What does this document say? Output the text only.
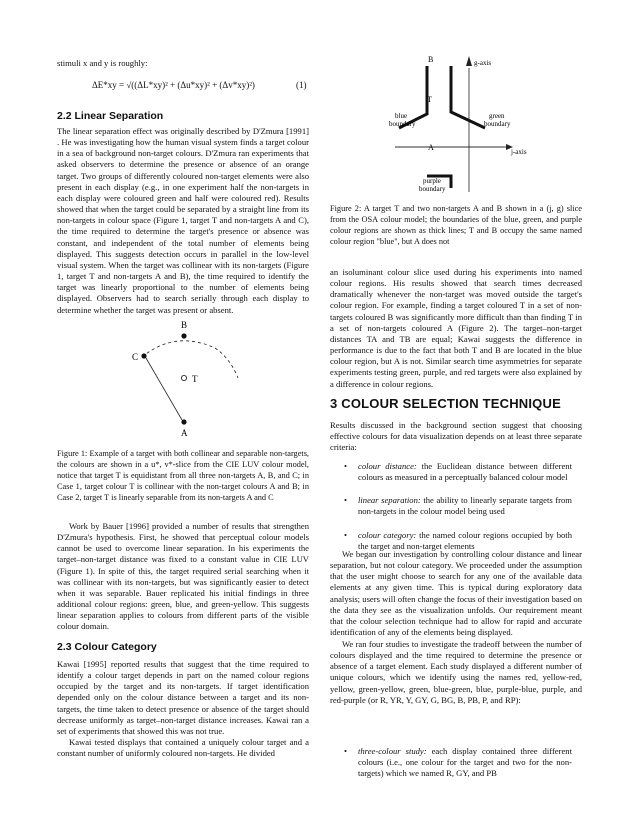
stimuli x and y is roughly:

ΔE*xy = √((ΔL*xy)² + (Δu*xy)² + (Δv*xy)²)	(1)
2.2 Linear Separation

The linear separation effect was originally described by D'Zmura [1991] . He was investigating how the human visual system finds a target colour in a sea of background non-target colours. D'Zmura ran experiments that asked observers to determine the presence or absence of an orange target. Two groups of differently coloured non-target elements were also present in each display (e.g., in one experiment half the non-targets in each display were coloured green and half were coloured red). Results showed that when the target could be separated by a straight line from its non-targets in colour space (Figure 1, target T and non-targets A and C), the time required to determine the target's presence or absence was constant, and independent of the total number of elements being displayed. This suggests detection occurs in parallel in the low-level visual system. When the target was collinear with its non-targets (Figure 1, target T and non-targets A and B), the time required to identify the target was linearly proportional to the number of elements being displayed. Observers had to search serially through each display to determine whether the target was present or absent.

B
C
T
A
Figure 1: Example of a target with both collinear and separable non-targets, the colours are shown in a u*, v*-slice from the CIE LUV colour model, notice that target T is equidistant from all three non-targets A, B, and C; in Case 1, target colour T is collinear with the non-target colours A and B; in Case 2, target T is linearly separable from its non-targets A and C

Work by Bauer [1996] provided a number of results that strengthen D'Zmura's hypothesis. First, he showed that perceptual colour models cannot be used to overcome linear separation. In his experiments the target–non-target distance was fixed to a constant value in CIE LUV (Figure 1). In spite of this, the target required serial searching when it was collinear with its non-targets, but was significantly easier to detect when it was separable. Bauer replicated his initial findings in three additional colour regions: green, blue, and green-yellow. This suggests linear separation applies to colours from different parts of the visible colour domain.

2.3 Colour Category

Kawai [1995] reported results that suggest that the time required to identify a colour target depends in part on the named colour regions occupied by the target and its non-targets. If target identification depended only on the colour distance between a target and its non-targets, the time taken to detect presence or absence of the target should decrease uniformly as target–non-target distance increases. Kawai ran a set of experiments that showed this was not true.

Kawai tested displays that contained a uniquely colour target and a constant number of uniformly coloured non-targets. He divided

B	g-axis
T
blue
boundary
green
boundary
A	j-axis
purple
boundary
Figure 2: A target T and two non-targets A and B shown in a (j, g) slice from the OSA colour model; the boundaries of the blue, green, and purple colour regions are shown as thick lines; T and B occupy the same named colour region "blue", but A does not

an isoluminant colour slice used during his experiments into named colour regions. His results showed that search times decreased dramatically whenever the non-target was moved outside the target's colour region. For example, finding a target coloured T in a set of non-targets coloured B was significantly more difficult than than finding T in a set of non-targets coloured A (Figure 2). The target–non-target distances TA and TB are equal; Kawai suggests the difference in performance is due to the fact that both T and B are located in the blue colour region, but A is not. Similar search time asymmetries for separate experiments testing green, purple, and red targets were also explained by a difference in colour regions.

3 COLOUR SELECTION TECHNIQUE

Results discussed in the background section suggest that choosing effective colours for data visualization depends on at least three separate criteria:

• colour distance: the Euclidean distance between different colours as measured in a perceptually balanced colour model
• linear separation: the ability to linearly separate targets from non-targets in the colour model being used
• colour category: the named colour regions occupied by both the target and non-target elements

We began our investigation by controlling colour distance and linear separation, but not colour category. We proceeded under the assumption that the user might choose to search for any one of the available data elements at any given time. This is typical during exploratory data analysis; users will often change the focus of their investigation based on the data they see as the visualization unfolds. Our requirement meant that the colour selection technique had to allow for rapid and accurate identification of any of the elements being displayed.

We ran four studies to investigate the tradeoff between the number of colours displayed and the time required to determine the presence or absence of a target element. Each study displayed a different number of unique colours, which we identify using the names red, yellow-red, yellow, green-yellow, green, blue-green, blue, purple-blue, purple, and red-purple (or R, YR, Y, GY, G, BG, B, PB, P, and RP):

• three-colour study: each display contained three different colours (i.e., one colour for the target and two for the non-targets) which we named R, GY, and PB
